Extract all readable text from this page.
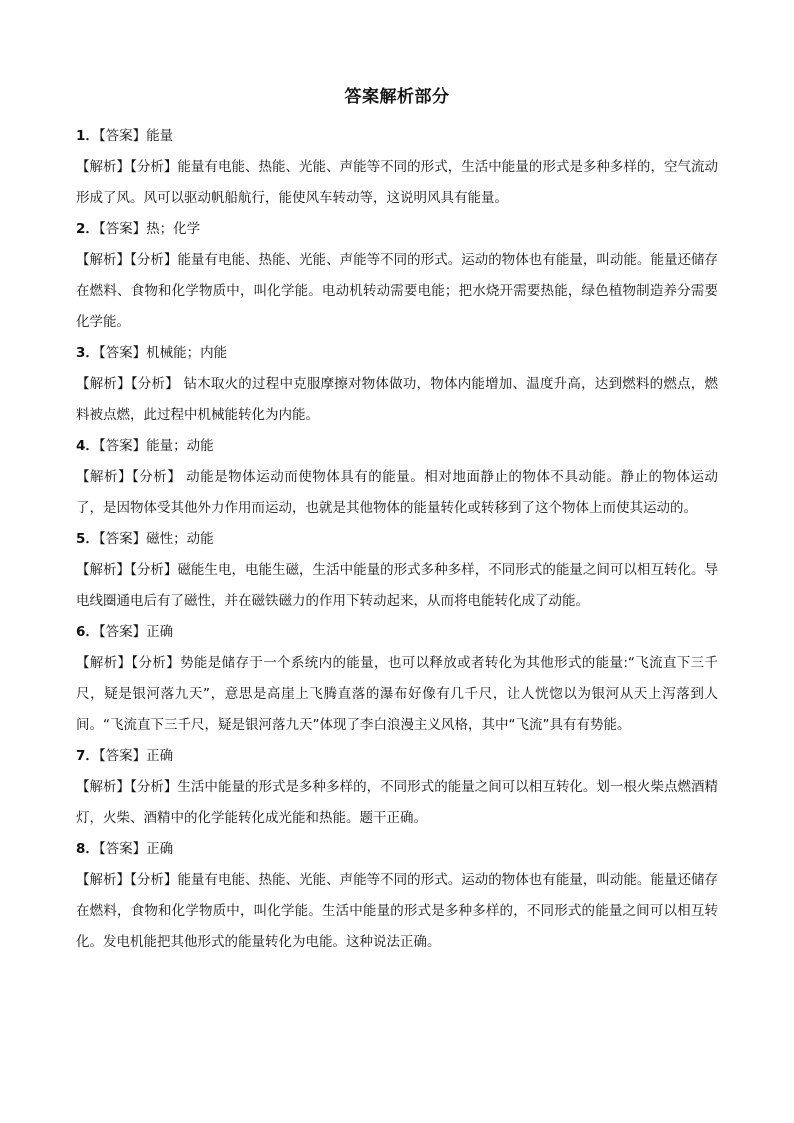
答案解析部分
1．【答案】能量
【解析】【分析】能量有电能、热能、光能、声能等不同的形式，生活中能量的形式是多种多样的，空气流动形成了风。风可以驱动帆船航行，能使风车转动等，这说明风具有能量。
2．【答案】热；化学
【解析】【分析】能量有电能、热能、光能、声能等不同的形式。运动的物体也有能量，叫动能。能量还储存在燃料、食物和化学物质中，叫化学能。电动机转动需要电能；把水烧开需要热能，绿色植物制造养分需要化学能。
3．【答案】机械能；内能
【解析】【分析】 钻木取火的过程中克服摩擦对物体做功，物体内能增加、温度升高，达到燃料的燃点，燃料被点燃，此过程中机械能转化为内能。
4．【答案】能量；动能
【解析】【分析】 动能是物体运动而使物体具有的能量。相对地面静止的物体不具动能。静止的物体运动了，是因物体受其他外力作用而运动，也就是其他物体的能量转化或转移到了这个物体上而使其运动的。
5．【答案】磁性；动能
【解析】【分析】磁能生电，电能生磁，生活中能量的形式多种多样，不同形式的能量之间可以相互转化。导电线圈通电后有了磁性，并在磁铁磁力的作用下转动起来，从而将电能转化成了动能。
6．【答案】正确
【解析】【分析】势能是储存于一个系统内的能量，也可以释放或者转化为其他形式的能量:“飞流直下三千尺，疑是银河落九天”，意思是高崖上飞腾直落的瀑布好像有几千尺，让人恍惚以为银河从天上泻落到人间。“飞流直下三千尺，疑是银河落九天”体现了李白浪漫主义风格，其中“飞流”具有有势能。
7．【答案】正确
【解析】【分析】生活中能量的形式是多种多样的，不同形式的能量之间可以相互转化。划一根火柴点燃酒精灯，火柴、酒精中的化学能转化成光能和热能。题干正确。
8．【答案】正确
【解析】【分析】能量有电能、热能、光能、声能等不同的形式。运动的物体也有能量，叫动能。能量还储存在燃料，食物和化学物质中，叫化学能。生活中能量的形式是多种多样的，不同形式的能量之间可以相互转化。发电机能把其他形式的能量转化为电能。这种说法正确。
